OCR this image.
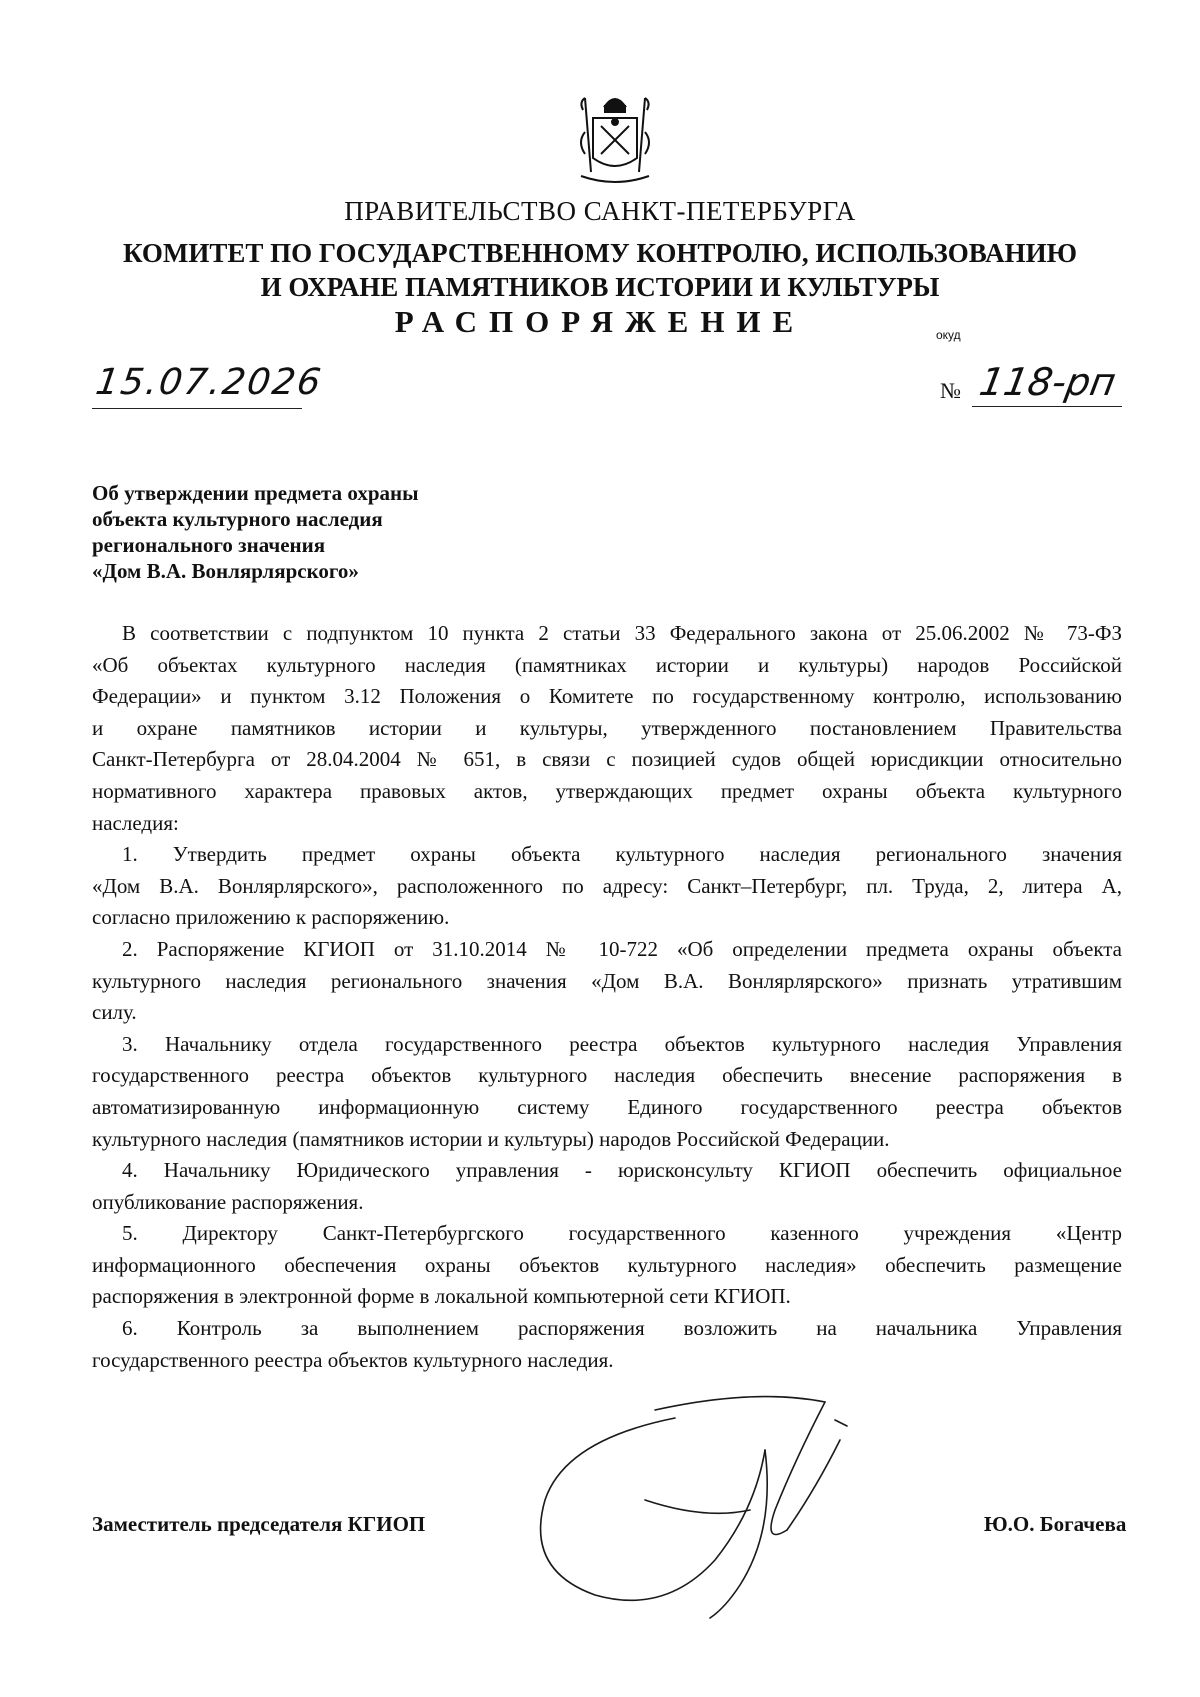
ПРАВИТЕЛЬСТВО САНКТ-ПЕТЕРБУРГА
КОМИТЕТ ПО ГОСУДАРСТВЕННОМУ КОНТРОЛЮ, ИСПОЛЬЗОВАНИЮ
И ОХРАНЕ ПАМЯТНИКОВ ИСТОРИИ И КУЛЬТУРЫ
РАСПОРЯЖЕНИЕ	окуд
15.07.2026	№ 118-рп
Об утверждении предмета охраны
объекта культурного наследия
регионального значения
«Дом В.А. Вонлярлярского»

В соответствии с подпунктом 10 пункта 2 статьи 33 Федерального закона от 25.06.2002 № 73-ФЗ

«Об объектах культурного наследия (памятниках истории и культуры) народов Российской

Федерации» и пунктом 3.12 Положения о Комитете по государственному контролю, использованию

и охране памятников истории и культуры, утвержденного постановлением Правительства

Санкт-Петербурга от 28.04.2004 № 651, в связи с позицией судов общей юрисдикции относительно

нормативного характера правовых актов, утверждающих предмет охраны объекта культурного

наследия:

1. Утвердить предмет охраны объекта культурного наследия регионального значения

«Дом В.А. Вонлярлярского», расположенного по адресу: Санкт–Петербург, пл. Труда, 2, литера А,

согласно приложению к распоряжению.

2. Распоряжение КГИОП от 31.10.2014 № 10-722 «Об определении предмета охраны объекта

культурного наследия регионального значения «Дом В.А. Вонлярлярского» признать утратившим

силу.

3. Начальнику отдела государственного реестра объектов культурного наследия Управления

государственного реестра объектов культурного наследия обеспечить внесение распоряжения в

автоматизированную информационную систему Единого государственного реестра объектов

культурного наследия (памятников истории и культуры) народов Российской Федерации.

4. Начальнику Юридического управления - юрисконсульту КГИОП обеспечить официальное

опубликование распоряжения.

5. Директору Санкт-Петербургского государственного казенного учреждения «Центр

информационного обеспечения охраны объектов культурного наследия» обеспечить размещение

распоряжения в электронной форме в локальной компьютерной сети КГИОП.

6. Контроль за выполнением распоряжения возложить на начальника Управления

государственного реестра объектов культурного наследия.

Заместитель председателя КГИОП	Ю.О. Богачева
